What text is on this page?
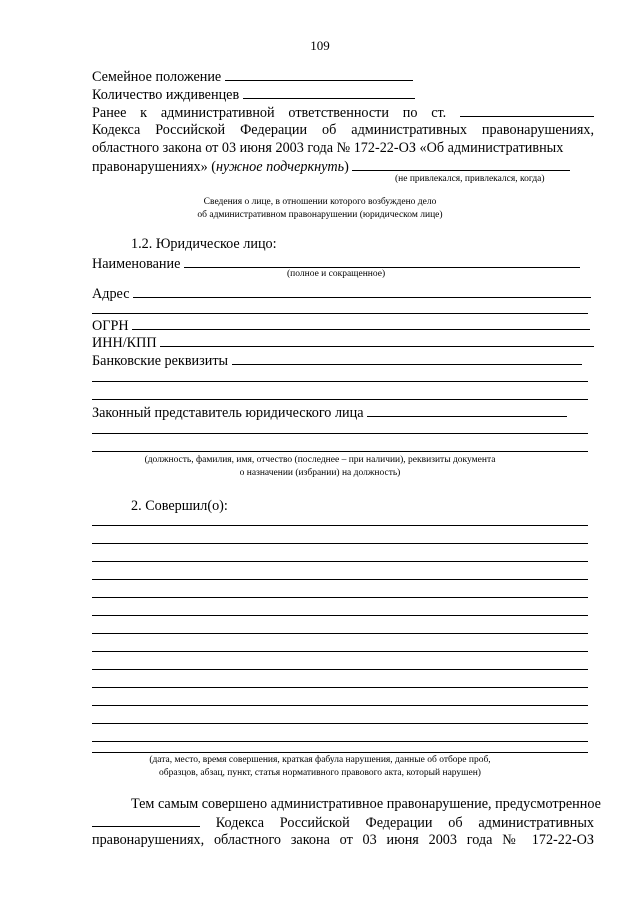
109
Семейное положение
Количество иждивенцев
Ранее к административной ответственности по ст.
Кодекса Российской Федерации об административных правонарушениях,
областного закона от 03 июня 2003 года № 172-22-ОЗ «Об административных
правонарушениях» (нужное подчеркнуть)
(не привлекался, привлекался, когда)
Сведения о лице, в отношении которого возбуждено дело
об административном правонарушении (юридическом лице)
1.2. Юридическое лицо:
Наименование
(полное и сокращенное)
Адрес
ОГРН
ИНН/КПП
Банковские реквизиты
Законный представитель юридического лица
(должность, фамилия, имя, отчество (последнее – при наличии), реквизиты документа
о назначении (избрании) на должность)
2. Совершил(о):
(дата, место, время совершения, краткая фабула нарушения, данные об отборе проб,
образцов, абзац, пункт, статья нормативного правового акта, который нарушен)
Тем самым совершено административное правонарушение, предусмотренное
Кодекса Российской Федерации об административных
правонарушениях, областного закона от 03 июня 2003 года № 172-22-ОЗ
